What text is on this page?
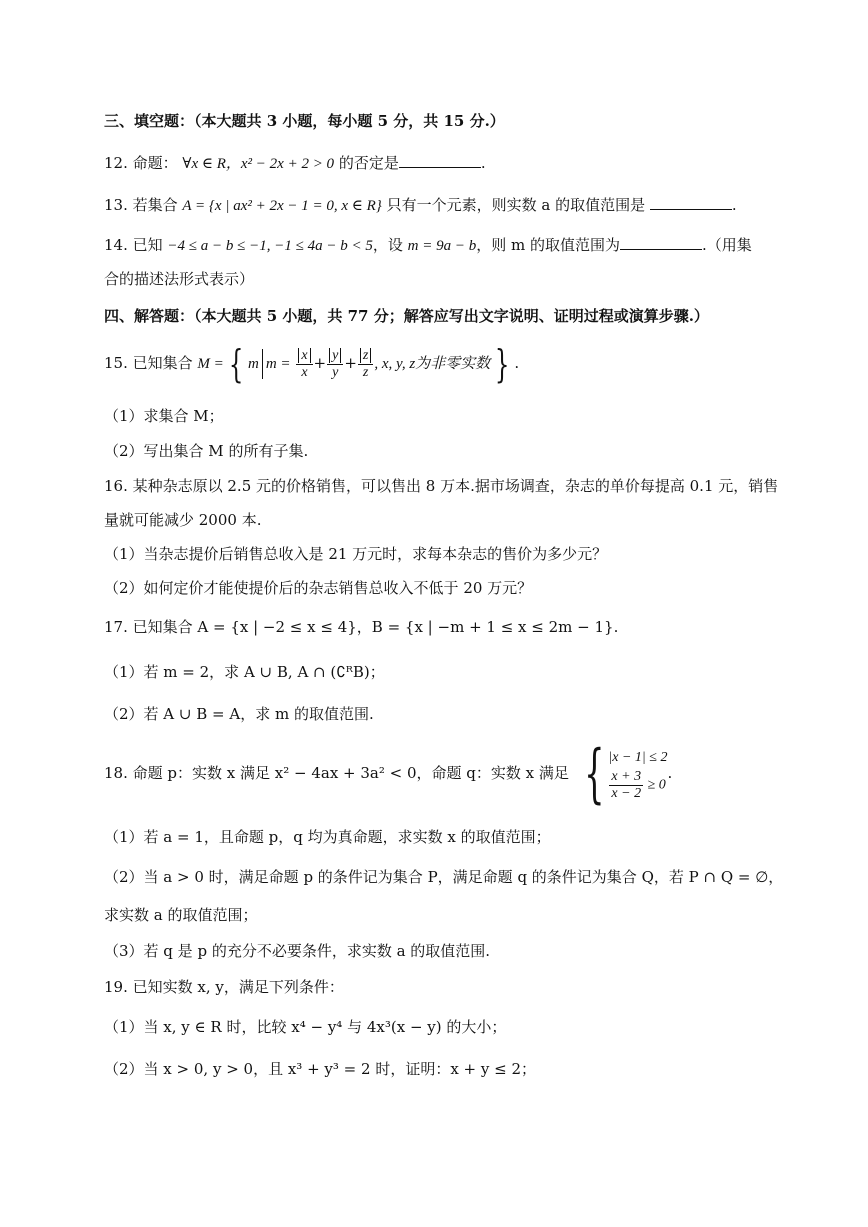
三、填空题：（本大题共 3 小题，每小题 5 分，共 15 分.）
12. 命题： ∀x ∈ R，x² − 2x + 2 > 0 的否定是	.
13. 若集合 A = {x | ax² + 2x − 1 = 0, x ∈ R} 只有一个元素，则实数 a 的取值范围是	.
14. 已知 −4 ≤ a − b ≤ −1, −1 ≤ 4a − b < 5，设 m = 9a − b，则 m 的取值范围为	.（用集
合的描述法形式表示）
四、解答题：（本大题共 5 小题，共 77 分；解答应写出文字说明、证明过程或演算步骤.）
15. 已知集合 M = { m $m = \frac{x}{x} + \frac{y}{y} + \frac{z}{z}$ , x, y, z为非零实数 } .
（1）求集合 M；
（2）写出集合 M 的所有子集.
16. 某种杂志原以 2.5 元的价格销售，可以售出 8 万本.据市场调查，杂志的单价每提高 0.1 元，销售
量就可能减少 2000 本.
（1）当杂志提价后销售总收入是 21 万元时，求每本杂志的售价为多少元？
（2）如何定价才能使提价后的杂志销售总收入不低于 20 万元？
17. 已知集合 A = {x | −2 ≤ x ≤ 4}，B = {x | −m + 1 ≤ x ≤ 2m − 1}.
（1）若 m = 2，求 A ∪ B, A ∩ (∁ᴿB)；
（2）若 A ∪ B = A，求 m 的取值范围.
18. 命题 p：实数 x 满足 x² − 4ax + 3a² < 0，命题 q：实数 x 满足 { |x − 1| ≤ 2
$\frac{x + 3}{x - 2} \ge 0$
.
（1）若 a = 1，且命题 p，q 均为真命题，求实数 x 的取值范围；
（2）当 a > 0 时，满足命题 p 的条件记为集合 P，满足命题 q 的条件记为集合 Q，若 P ∩ Q = ∅，
求实数 a 的取值范围；
（3）若 q 是 p 的充分不必要条件，求实数 a 的取值范围.
19. 已知实数 x, y，满足下列条件：
（1）当 x, y ∈ R 时，比较 x⁴ − y⁴ 与 4x³(x − y) 的大小；
（2）当 x > 0, y > 0，且 x³ + y³ = 2 时，证明：x + y ≤ 2；
